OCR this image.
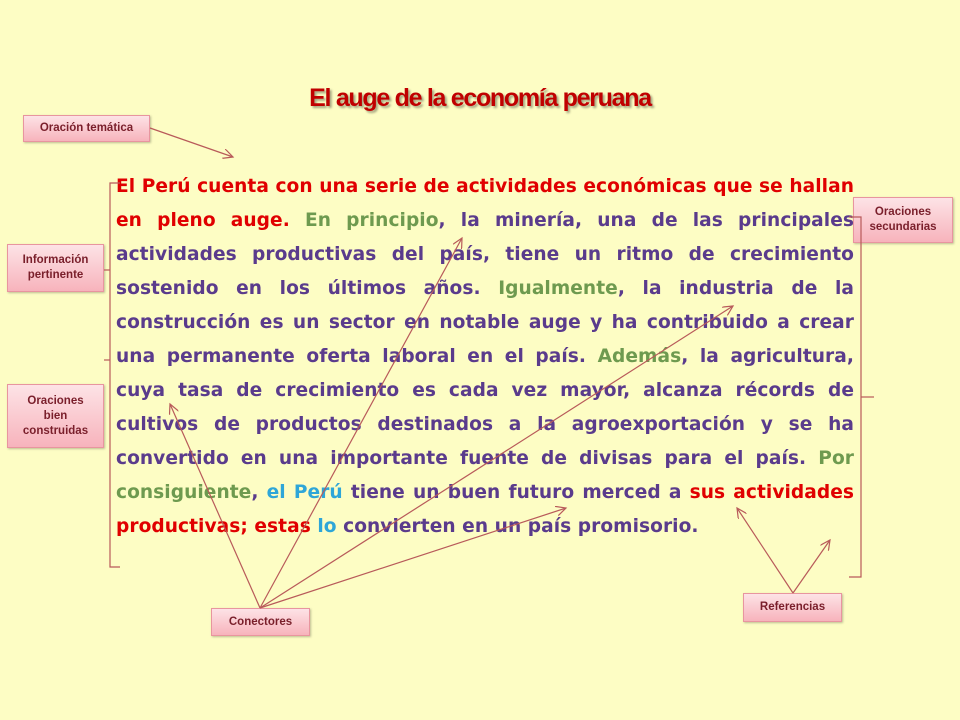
El auge de la economía peruana
Oración temática
Información
pertinente
Oraciones
bien
construidas
Oraciones
secundarias
Conectores
Referencias
El Perú cuenta con una serie de actividades económicas que se hallan en pleno auge. En principio, la minería, una de las principales actividades productivas del país, tiene un ritmo de crecimiento sostenido en los últimos años. Igualmente, la industria de la construcción es un sector en notable auge y ha contribuido a crear una permanente oferta laboral en el país. Además, la agricultura, cuya tasa de crecimiento es cada vez mayor, alcanza récords de cultivos de productos destinados a la agroexportación y se ha convertido en una importante fuente de divisas para el país. Por consiguiente, el Perú tiene un buen futuro merced a sus actividades productivas; estas lo convierten en un país promisorio.
